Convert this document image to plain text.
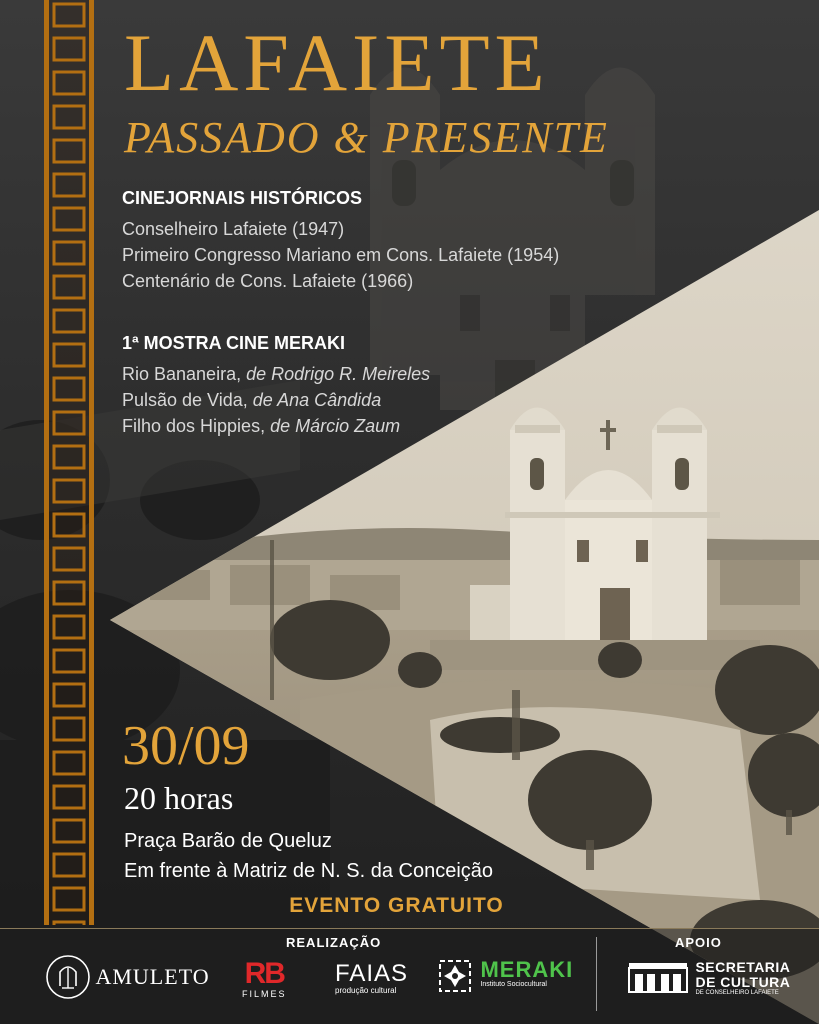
LAFAIETE
PASSADO & PRESENTE
CINEJORNAIS HISTÓRICOS
Conselheiro Lafaiete (1947)
Primeiro Congresso Mariano em Cons. Lafaiete (1954)
Centenário de Cons. Lafaiete (1966)
1ª MOSTRA CINE MERAKI
Rio Bananeira, de Rodrigo R. Meireles
Pulsão de Vida, de Ana Cândida
Filho dos Hippies, de Márcio Zaum
30/09
20 horas
Praça Barão de Queluz
Em frente à Matriz de N. S. da Conceição
EVENTO GRATUITO
REALIZAÇÃO	APOIO
AMULETO RB
FILMES
FAIAS
produção cultural

MERAKI
Instituto Sociocultural

SECRETARIA
DE CULTURA
DE CONSELHEIRO LAFAIETE
